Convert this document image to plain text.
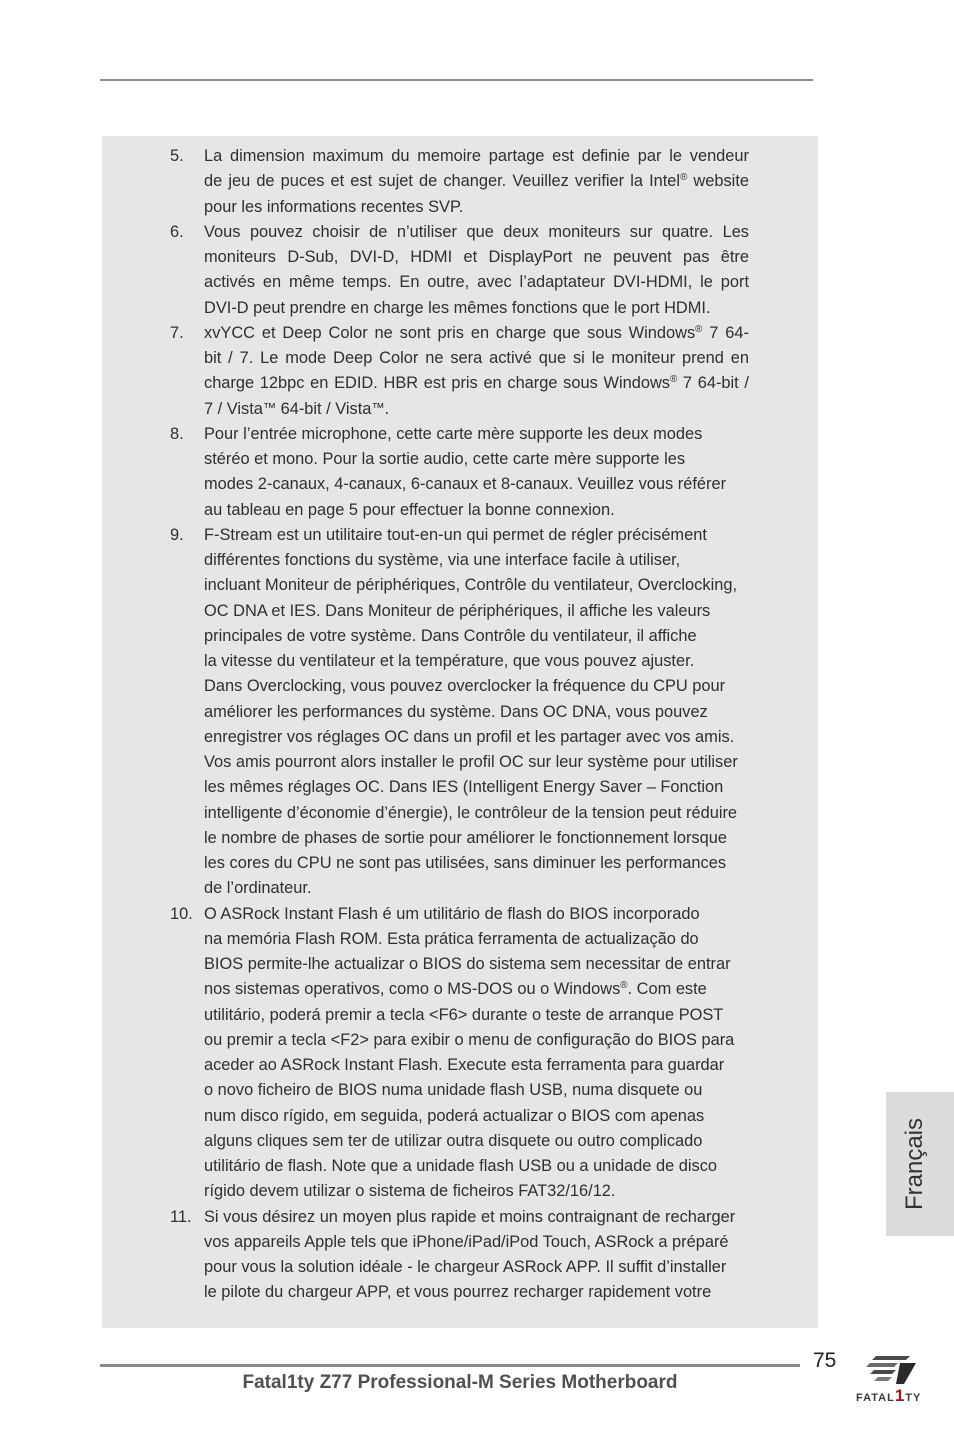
5. La dimension maximum du memoire partage est definie par le vendeur
de jeu de puces et est sujet de changer. Veuillez verifier la Intel® website
pour les informations recentes SVP.
6. Vous pouvez choisir de n’utiliser que deux moniteurs sur quatre. Les
moniteurs D-Sub, DVI-D, HDMI et DisplayPort ne peuvent pas être
activés en même temps. En outre, avec l’adaptateur DVI-HDMI, le port
DVI-D peut prendre en charge les mêmes fonctions que le port HDMI.
7. xvYCC et Deep Color ne sont pris en charge que sous Windows® 7 64-
bit / 7. Le mode Deep Color ne sera activé que si le moniteur prend en
charge 12bpc en EDID. HBR est pris en charge sous Windows® 7 64-bit /
7 / Vista™ 64-bit / Vista™.
8. Pour l’entrée microphone, cette carte mère supporte les deux modes
stéréo et mono. Pour la sortie audio, cette carte mère supporte les
modes 2-canaux, 4-canaux, 6-canaux et 8-canaux. Veuillez vous référer
au tableau en page 5 pour effectuer la bonne connexion.
9. F-Stream est un utilitaire tout-en-un qui permet de régler précisément
différentes fonctions du système, via une interface facile à utiliser,
incluant Moniteur de périphériques, Contrôle du ventilateur, Overclocking,
OC DNA et IES. Dans Moniteur de périphériques, il affiche les valeurs
principales de votre système. Dans Contrôle du ventilateur, il affiche
la vitesse du ventilateur et la température, que vous pouvez ajuster.
Dans Overclocking, vous pouvez overclocker la fréquence du CPU pour
améliorer les performances du système. Dans OC DNA, vous pouvez
enregistrer vos réglages OC dans un profil et les partager avec vos amis.
Vos amis pourront alors installer le profil OC sur leur système pour utiliser
les mêmes réglages OC. Dans IES (Intelligent Energy Saver – Fonction
intelligente d’économie d’énergie), le contrôleur de la tension peut réduire
le nombre de phases de sortie pour améliorer le fonctionnement lorsque
les cores du CPU ne sont pas utilisées, sans diminuer les performances
de l’ordinateur.
10. O ASRock Instant Flash é um utilitário de flash do BIOS incorporado
na memória Flash ROM. Esta prática ferramenta de actualização do
BIOS permite-lhe actualizar o BIOS do sistema sem necessitar de entrar
nos sistemas operativos, como o MS-DOS ou o Windows®. Com este
utilitário, poderá premir a tecla <F6> durante o teste de arranque POST
ou premir a tecla <F2> para exibir o menu de configuração do BIOS para
aceder ao ASRock Instant Flash. Execute esta ferramenta para guardar
o novo ficheiro de BIOS numa unidade flash USB, numa disquete ou
num disco rígido, em seguida, poderá actualizar o BIOS com apenas
alguns cliques sem ter de utilizar outra disquete ou outro complicado
utilitário de flash. Note que a unidade flash USB ou a unidade de disco
rígido devem utilizar o sistema de ficheiros FAT32/16/12.
11. Si vous désirez un moyen plus rapide et moins contraignant de recharger
vos appareils Apple tels que iPhone/iPad/iPod Touch, ASRock a préparé
pour vous la solution idéale - le chargeur ASRock APP. Il suffit d’installer
le pilote du chargeur APP, et vous pourrez recharger rapidement votre
Français
75
Fatal1ty Z77 Professional-M Series Motherboard
FATAL1TY
